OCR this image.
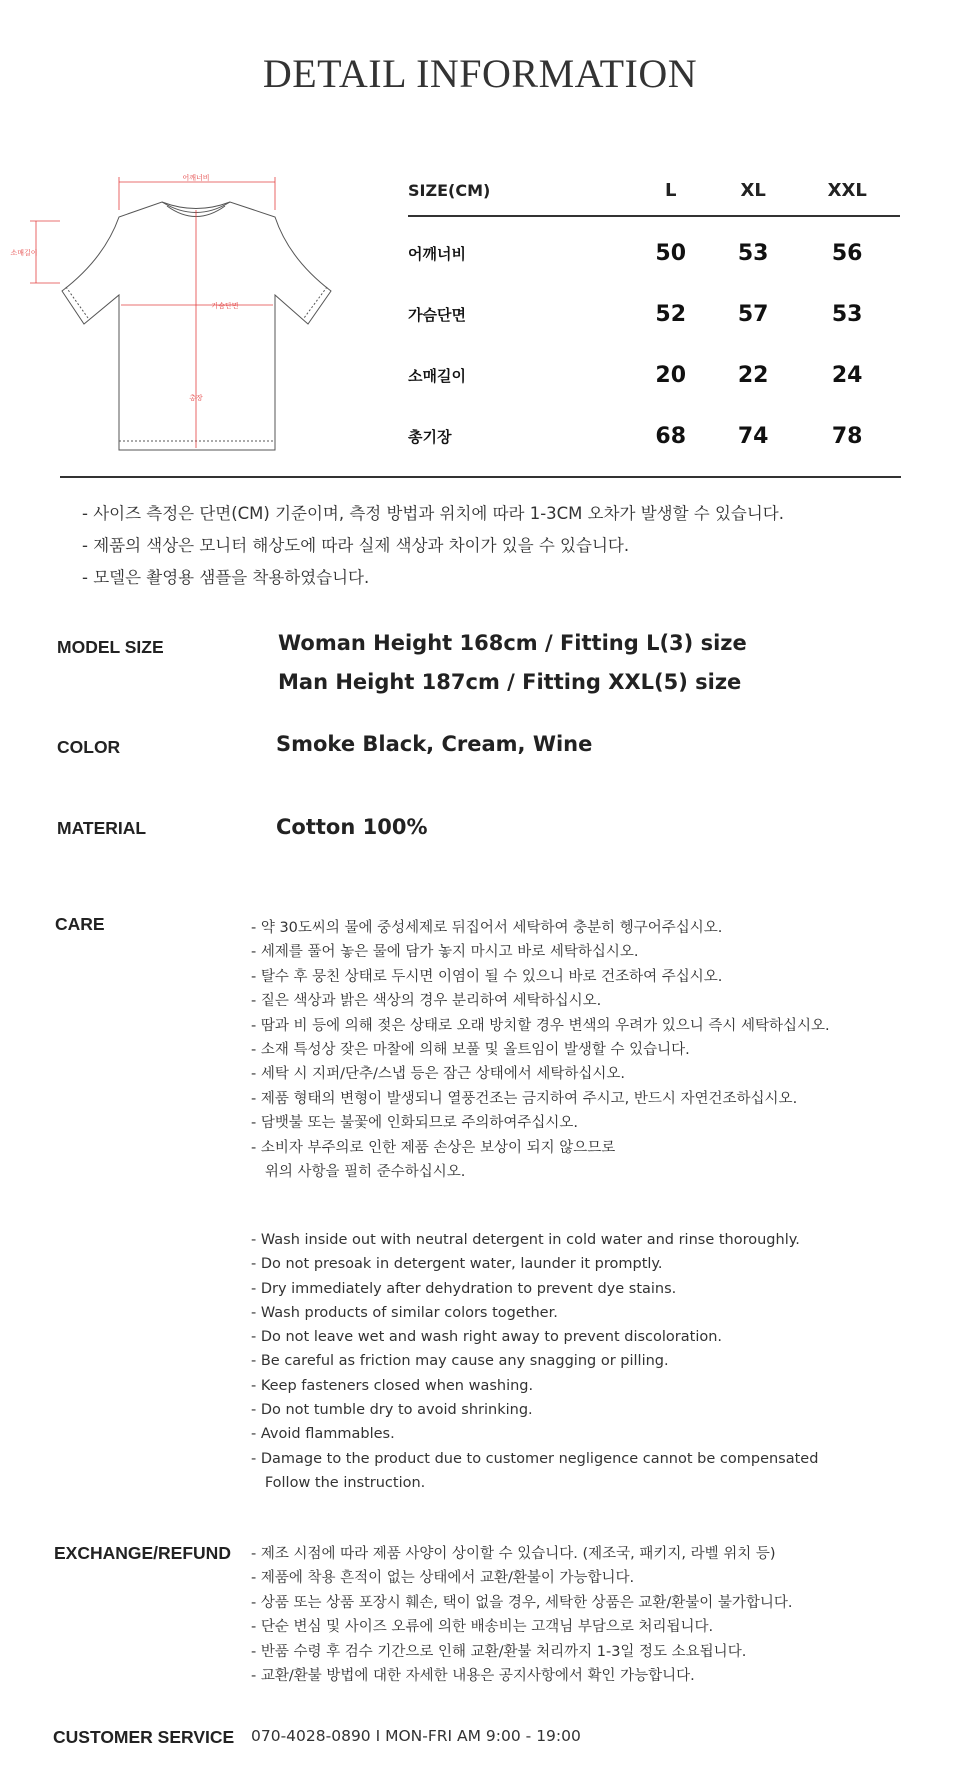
DETAIL INFORMATION
어깨너비
가슴단면
총장
소매길이
SIZE(CM)	L	XL	XXL
어깨너비	50	53	56
가슴단면	52	57	53
소매길이	20	22	24
총기장	68	74	78
- 사이즈 측정은 단면(CM) 기준이며, 측정 방법과 위치에 따라 1-3CM 오차가 발생할 수 있습니다.
- 제품의 색상은 모니터 해상도에 따라 실제 색상과 차이가 있을 수 있습니다.
- 모델은 촬영용 샘플을 착용하였습니다.
MODEL SIZE	Woman Height 168cm / Fitting L(3) size
Man Height 187cm / Fitting XXL(5) size
COLOR	Smoke Black, Cream, Wine
MATERIAL	Cotton 100%
CARE	- 약 30도씨의 물에 중성세제로 뒤집어서 세탁하여 충분히 헹구어주십시오.
- 세제를 풀어 놓은 물에 담가 놓지 마시고 바로 세탁하십시오.
- 탈수 후 뭉친 상태로 두시면 이염이 될 수 있으니 바로 건조하여 주십시오.
- 짙은 색상과 밝은 색상의 경우 분리하여 세탁하십시오.
- 땀과 비 등에 의해 젖은 상태로 오래 방치할 경우 변색의 우려가 있으니 즉시 세탁하십시오.
- 소재 특성상 잦은 마찰에 의해 보풀 및 올트임이 발생할 수 있습니다.
- 세탁 시 지퍼/단추/스냅 등은 잠근 상태에서 세탁하십시오.
- 제품 형태의 변형이 발생되니 열풍건조는 금지하여 주시고, 반드시 자연건조하십시오.
- 담뱃불 또는 불꽃에 인화되므로 주의하여주십시오.
- 소비자 부주의로 인한 제품 손상은 보상이 되지 않으므로
위의 사항을 필히 준수하십시오.
- Wash inside out with neutral detergent in cold water and rinse thoroughly.
- Do not presoak in detergent water, launder it promptly.
- Dry immediately after dehydration to prevent dye stains.
- Wash products of similar colors together.
- Do not leave wet and wash right away to prevent discoloration.
- Be careful as friction may cause any snagging or pilling.
- Keep fasteners closed when washing.
- Do not tumble dry to avoid shrinking.
- Avoid flammables.
- Damage to the product due to customer negligence cannot be compensated
Follow the instruction.
EXCHANGE/REFUND - 제조 시점에 따라 제품 사양이 상이할 수 있습니다. (제조국, 패키지, 라벨 위치 등)
- 제품에 착용 흔적이 없는 상태에서 교환/환불이 가능합니다.
- 상품 또는 상품 포장시 훼손, 택이 없을 경우, 세탁한 상품은 교환/환불이 불가합니다.
- 단순 변심 및 사이즈 오류에 의한 배송비는 고객님 부담으로 처리됩니다.
- 반품 수령 후 검수 기간으로 인해 교환/환불 처리까지 1-3일 정도 소요됩니다.
- 교환/환불 방법에 대한 자세한 내용은 공지사항에서 확인 가능합니다.
CUSTOMER SERVICE 070-4028-0890 I MON-FRI AM 9:00 - 19:00
